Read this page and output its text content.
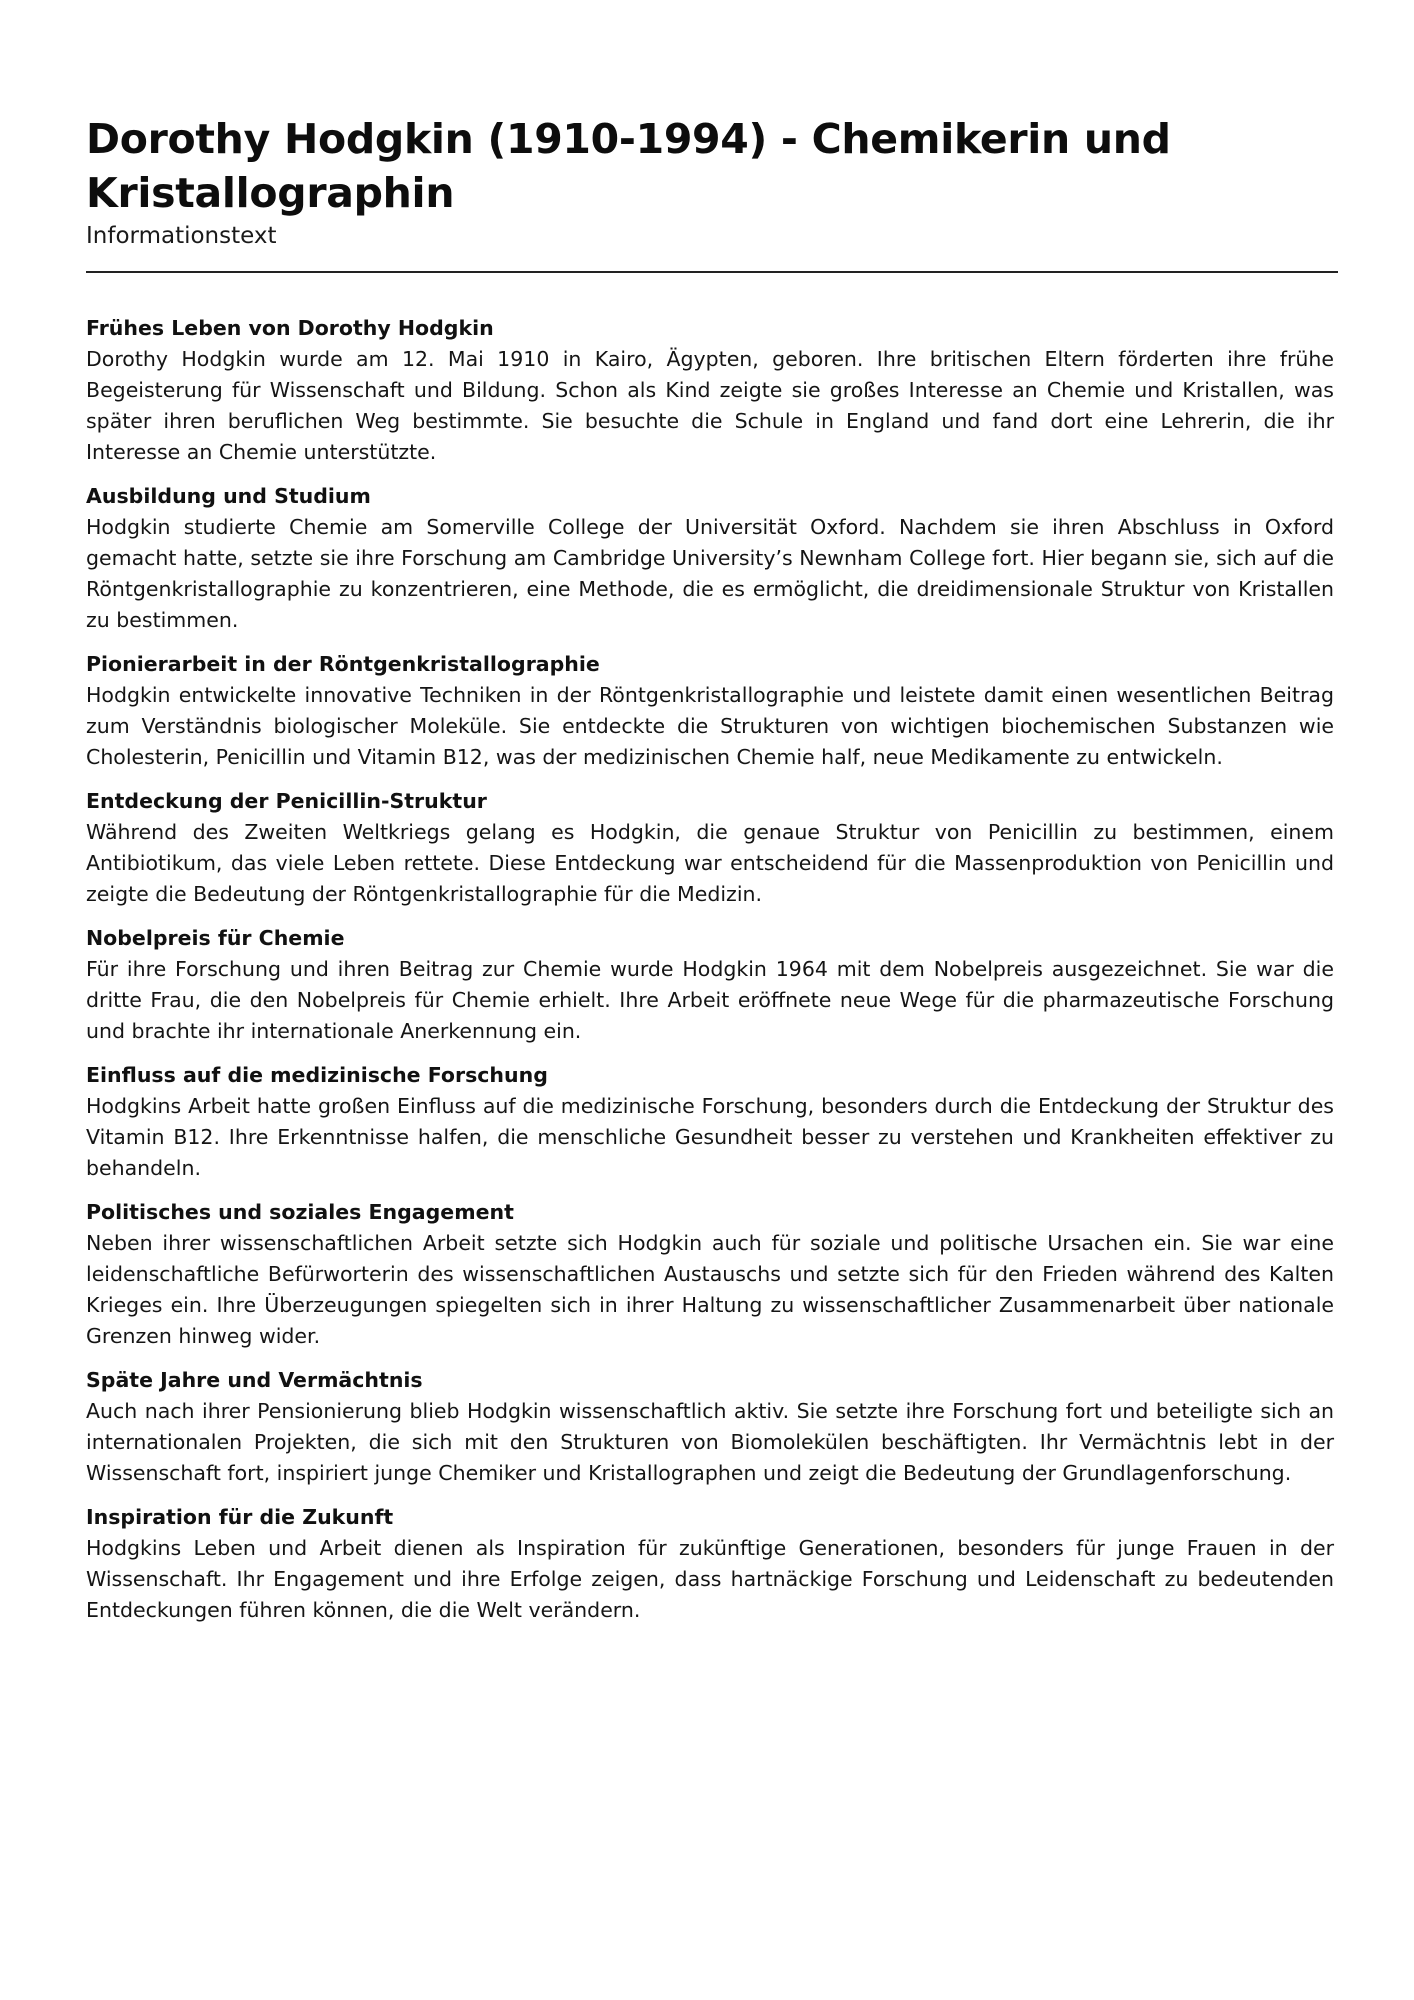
Dorothy Hodgkin (1910-1994) - Chemikerin und Kristallographin
Informationstext
Frühes Leben von Dorothy Hodgkin

Dorothy Hodgkin wurde am 12. Mai 1910 in Kairo, Ägypten, geboren. Ihre britischen Eltern förderten ihre frühe Begeisterung für Wissenschaft und Bildung. Schon als Kind zeigte sie großes Interesse an Chemie und Kristallen, was später ihren beruflichen Weg bestimmte. Sie besuchte die Schule in England und fand dort eine Lehrerin, die ihr Interesse an Chemie unterstützte.

Ausbildung und Studium

Hodgkin studierte Chemie am Somerville College der Universität Oxford. Nachdem sie ihren Abschluss in Oxford gemacht hatte, setzte sie ihre Forschung am Cambridge University’s Newnham College fort. Hier begann sie, sich auf die Röntgenkristallographie zu konzentrieren, eine Methode, die es ermöglicht, die dreidimensionale Struktur von Kristallen zu bestimmen.

Pionierarbeit in der Röntgenkristallographie

Hodgkin entwickelte innovative Techniken in der Röntgenkristallographie und leistete damit einen wesentlichen Beitrag zum Verständnis biologischer Moleküle. Sie entdeckte die Strukturen von wichtigen biochemischen Substanzen wie Cholesterin, Penicillin und Vitamin B12, was der medizinischen Chemie half, neue Medikamente zu entwickeln.

Entdeckung der Penicillin-Struktur

Während des Zweiten Weltkriegs gelang es Hodgkin, die genaue Struktur von Penicillin zu bestimmen, einem Antibiotikum, das viele Leben rettete. Diese Entdeckung war entscheidend für die Massenproduktion von Penicillin und zeigte die Bedeutung der Röntgenkristallographie für die Medizin.

Nobelpreis für Chemie

Für ihre Forschung und ihren Beitrag zur Chemie wurde Hodgkin 1964 mit dem Nobelpreis ausgezeichnet. Sie war die dritte Frau, die den Nobelpreis für Chemie erhielt. Ihre Arbeit eröffnete neue Wege für die pharmazeutische Forschung und brachte ihr internationale Anerkennung ein.

Einfluss auf die medizinische Forschung

Hodgkins Arbeit hatte großen Einfluss auf die medizinische Forschung, besonders durch die Entdeckung der Struktur des Vitamin B12. Ihre Erkenntnisse halfen, die menschliche Gesundheit besser zu verstehen und Krankheiten effektiver zu behandeln.

Politisches und soziales Engagement

Neben ihrer wissenschaftlichen Arbeit setzte sich Hodgkin auch für soziale und politische Ursachen ein. Sie war eine leidenschaftliche Befürworterin des wissenschaftlichen Austauschs und setzte sich für den Frieden während des Kalten Krieges ein. Ihre Überzeugungen spiegelten sich in ihrer Haltung zu wissenschaftlicher Zusammenarbeit über nationale Grenzen hinweg wider.

Späte Jahre und Vermächtnis

Auch nach ihrer Pensionierung blieb Hodgkin wissenschaftlich aktiv. Sie setzte ihre Forschung fort und beteiligte sich an internationalen Projekten, die sich mit den Strukturen von Biomolekülen beschäftigten. Ihr Vermächtnis lebt in der Wissenschaft fort, inspiriert junge Chemiker und Kristallographen und zeigt die Bedeutung der Grundlagenforschung.

Inspiration für die Zukunft

Hodgkins Leben und Arbeit dienen als Inspiration für zukünftige Generationen, besonders für junge Frauen in der Wissenschaft. Ihr Engagement und ihre Erfolge zeigen, dass hartnäckige Forschung und Leidenschaft zu bedeutenden Entdeckungen führen können, die die Welt verändern.
